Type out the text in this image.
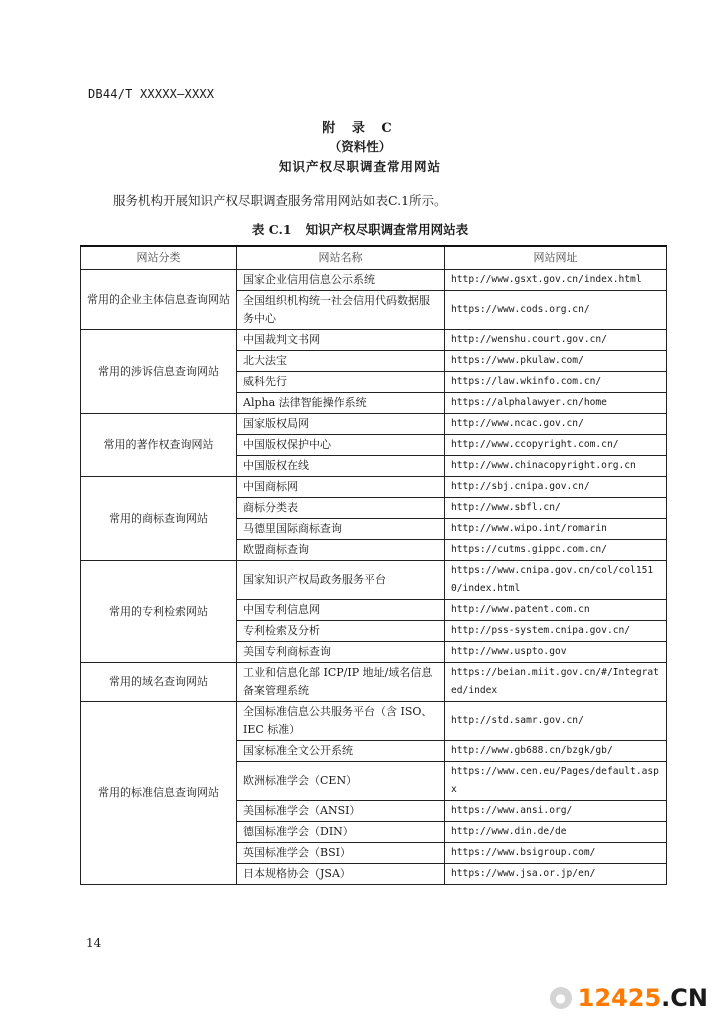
DB44/T XXXXX—XXXX
附 录 C
（资料性）
知识产权尽职调查常用网站
服务机构开展知识产权尽职调查服务常用网站如表C.1所示。
表 C.1 知识产权尽职调查常用网站表
网站分类	网站名称	网站网址
常用的企业主体信息查询网站	国家企业信用信息公示系统	http://www.gsxt.gov.cn/index.html
	全国组织机构统一社会信用代码数据服务中心	https://www.cods.org.cn/
常用的涉诉信息查询网站	中国裁判文书网	http://wenshu.court.gov.cn/
	北大法宝	https://www.pkulaw.com/
	威科先行	https://law.wkinfo.com.cn/
	Alpha 法律智能操作系统	https://alphalawyer.cn/home
常用的著作权查询网站	国家版权局网	http://www.ncac.gov.cn/
	中国版权保护中心	http://www.ccopyright.com.cn/
	中国版权在线	http://www.chinacopyright.org.cn
常用的商标查询网站	中国商标网	http://sbj.cnipa.gov.cn/
	商标分类表	http://www.sbfl.cn/
	马德里国际商标查询	http://www.wipo.int/romarin
	欧盟商标查询	https://cutms.gippc.com.cn/
常用的专利检索网站	国家知识产权局政务服务平台	https://www.cnipa.gov.cn/col/col1510/index.html
	中国专利信息网	http://www.patent.com.cn
	专利检索及分析	http://pss-system.cnipa.gov.cn/
	美国专利商标查询	http://www.uspto.gov
常用的域名查询网站	工业和信息化部 ICP/IP 地址/域名信息备案管理系统	https://beian.miit.gov.cn/#/Integrated/index
常用的标准信息查询网站	全国标准信息公共服务平台（含 ISO、IEC 标准）	http://std.samr.gov.cn/
	国家标准全文公开系统	http://www.gb688.cn/bzgk/gb/
	欧洲标准学会（CEN）	https://www.cen.eu/Pages/default.aspx
	美国标准学会（ANSI）	https://www.ansi.org/
	德国标准学会（DIN）	http://www.din.de/de
	英国标准学会（BSI）	https://www.bsigroup.com/
	日本规格协会（JSA）	https://www.jsa.or.jp/en/
14
● 12425.CN
